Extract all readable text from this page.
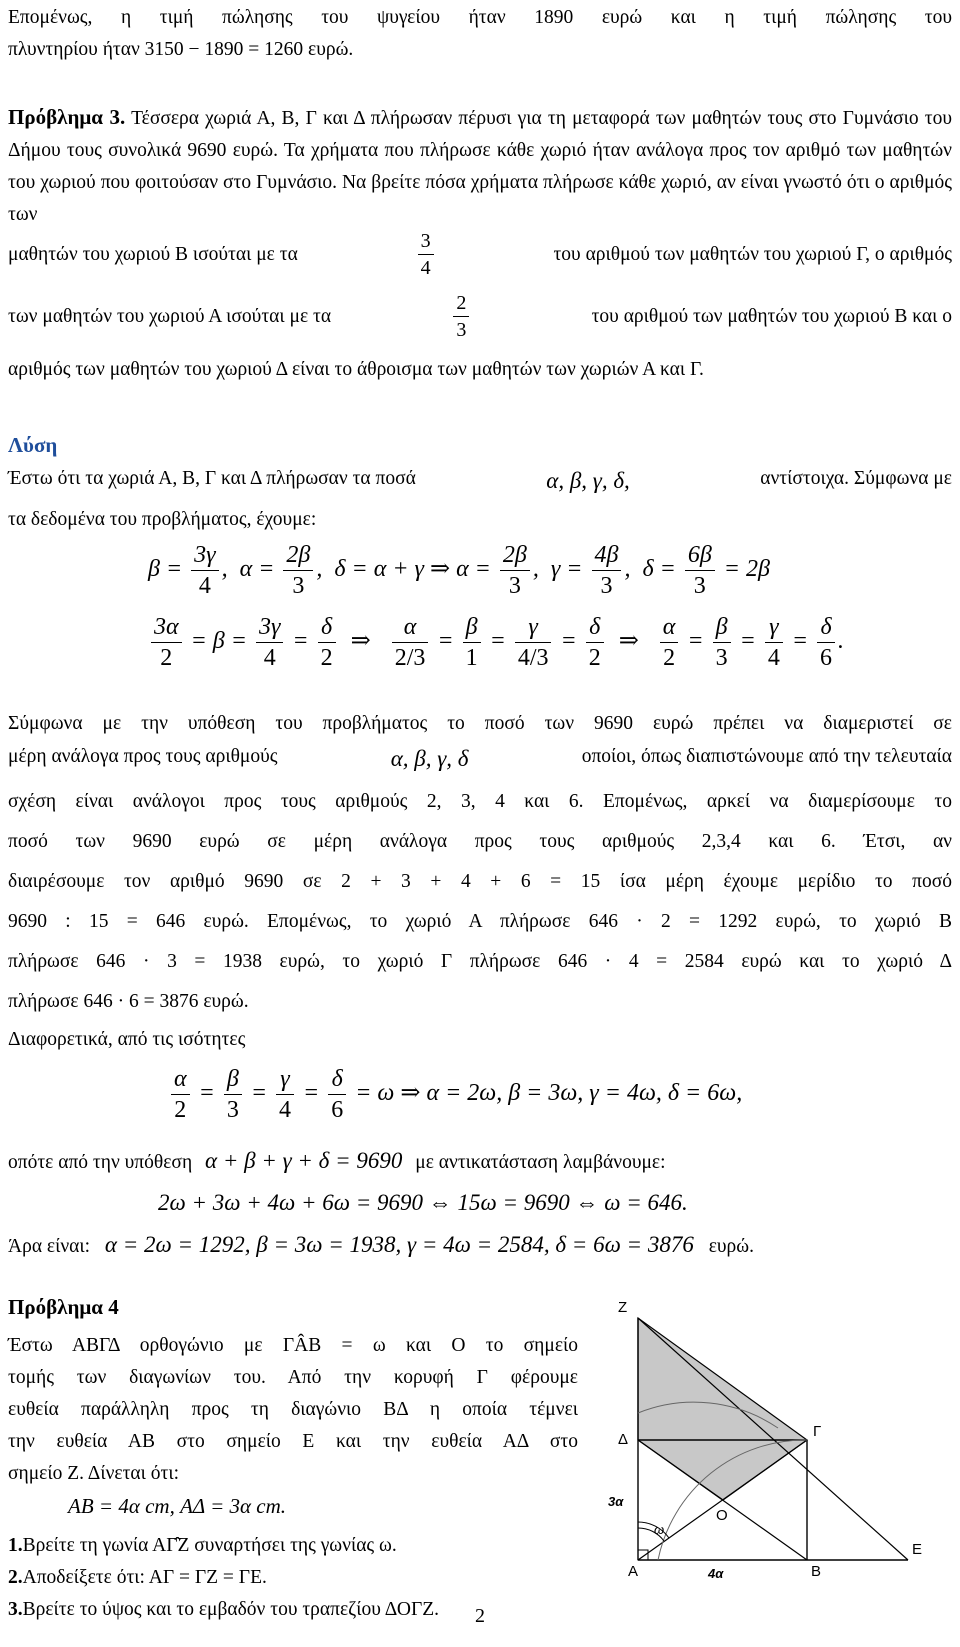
Επομένως, η τιμή πώλησης του ψυγείου ήταν 1890 ευρώ και η τιμή πώλησης του

πλυντηρίου ήταν 3150 − 1890 = 1260 ευρώ.

Πρόβλημα 3. Τέσσερα χωριά Α, Β, Γ και Δ πλήρωσαν πέρυσι για τη μεταφορά των μαθητών τους στο Γυμνάσιο του Δήμου τους συνολικά 9690 ευρώ. Τα χρήματα που πλήρωσε κάθε χωριό ήταν ανάλογα προς τον αριθμό των μαθητών του χωριού που φοιτούσαν στο Γυμνάσιο. Να βρείτε πόσα χρήματα πλήρωσε κάθε χωριό, αν είναι γνωστό ότι ο αριθμός των

μαθητών του χωριού Β ισούται με τα	$\frac{3}{4}$	του αριθμού των μαθητών του χωριού Γ, ο αριθμός
των μαθητών του χωριού Α ισούται με τα	$\frac{2}{3}$	του αριθμού των μαθητών του χωριού Β και ο

αριθμός των μαθητών του χωριού Δ είναι το άθροισμα των μαθητών των χωριών Α και Γ.

Λύση
Έστω ότι τα χωριά Α, Β, Γ και Δ πλήρωσαν τα ποσά	α, β, γ, δ,	αντίστοιχα. Σύμφωνα με

τα δεδομένα του προβλήματος, έχουμε:

$\beta = \frac{3\gamma}{4}$ ,  $\alpha = \frac{2\beta}{3}$ ,  δ = α + γ ⇒ $\alpha = \frac{2\beta}{3}$ ,  $\gamma = \frac{4\beta}{3}$ ,  $\delta = \frac{6\beta}{3} = 2\beta$
$\frac{3\alpha}{2} = \beta = \frac{3\gamma}{4} = \frac{\delta}{2}$ ⇒ $\frac{\alpha}{2/3} = \frac{\beta}{1} = \frac{\gamma}{4/3} = \frac{\delta}{2}$ ⇒ $\frac{\alpha}{2} = \frac{\beta}{3} = \frac{\gamma}{4} = \frac{\delta}{6}$ .

Σύμφωνα με την υπόθεση του προβλήματος το ποσό των 9690 ευρώ πρέπει να διαμεριστεί σε

μέρη ανάλογα προς τους αριθμούς	α, β, γ, δ	οποίοι, όπως διαπιστώνουμε από την τελευταία

σχέση είναι ανάλογοι προς τους αριθμούς 2, 3, 4 και 6. Επομένως, αρκεί να διαμερίσουμε το

ποσό των 9690 ευρώ σε μέρη ανάλογα προς τους αριθμούς 2,3,4 και 6. Έτσι, αν

διαιρέσουμε τον αριθμό 9690 σε 2 + 3 + 4 + 6 = 15 ίσα μέρη έχουμε μερίδιο το ποσό

9690 : 15 = 646 ευρώ. Επομένως, το χωριό Α πλήρωσε 646 · 2 = 1292 ευρώ, το χωριό Β

πλήρωσε 646 · 3 = 1938 ευρώ, το χωριό Γ πλήρωσε 646 · 4 = 2584 ευρώ και το χωριό Δ

πλήρωσε 646 · 6 = 3876 ευρώ.

Διαφορετικά, από τις ισότητες

$\frac{\alpha}{2} = \frac{\beta}{3} = \frac{\gamma}{4} = \frac{\delta}{6} = \omega$ ⇒ α = 2ω, β = 3ω, γ = 4ω, δ = 6ω,
οπότε από την υπόθεση α + β + γ + δ = 9690 με αντικατάσταση λαμβάνουμε:
2ω + 3ω + 4ω + 6ω = 9690 ⇔ 15ω = 9690 ⇔ ω = 646.
Άρα είναι: α = 2ω = 1292, β = 3ω = 1938, γ = 4ω = 2584, δ = 6ω = 3876 ευρώ.
Πρόβλημα 4

Έστω ΑΒΓΔ ορθογώνιο με ΓÂΒ = ω και Ο το σημείο

τομής των διαγωνίων του. Από την κορυφή Γ φέρουμε

ευθεία παράλληλη προς τη διαγώνιο ΒΔ η οποία τέμνει

την ευθεία ΑΒ στο σημείο Ε και την ευθεία ΑΔ στο

σημείο Ζ. Δίνεται ότι:

ΑΒ = 4α cm, ΑΔ = 3α cm.

1.Βρείτε τη γωνία ΑΓ̂Ζ συναρτήσει της γωνίας ω.

2.Αποδείξετε ότι: ΑΓ = ΓΖ = ΓΕ.

3.Βρείτε το ύψος και το εμβαδόν του τραπεζίου ΔΟΓΖ.

Z
Δ	Γ
O
A	B
E
3α
4α
ω
2
